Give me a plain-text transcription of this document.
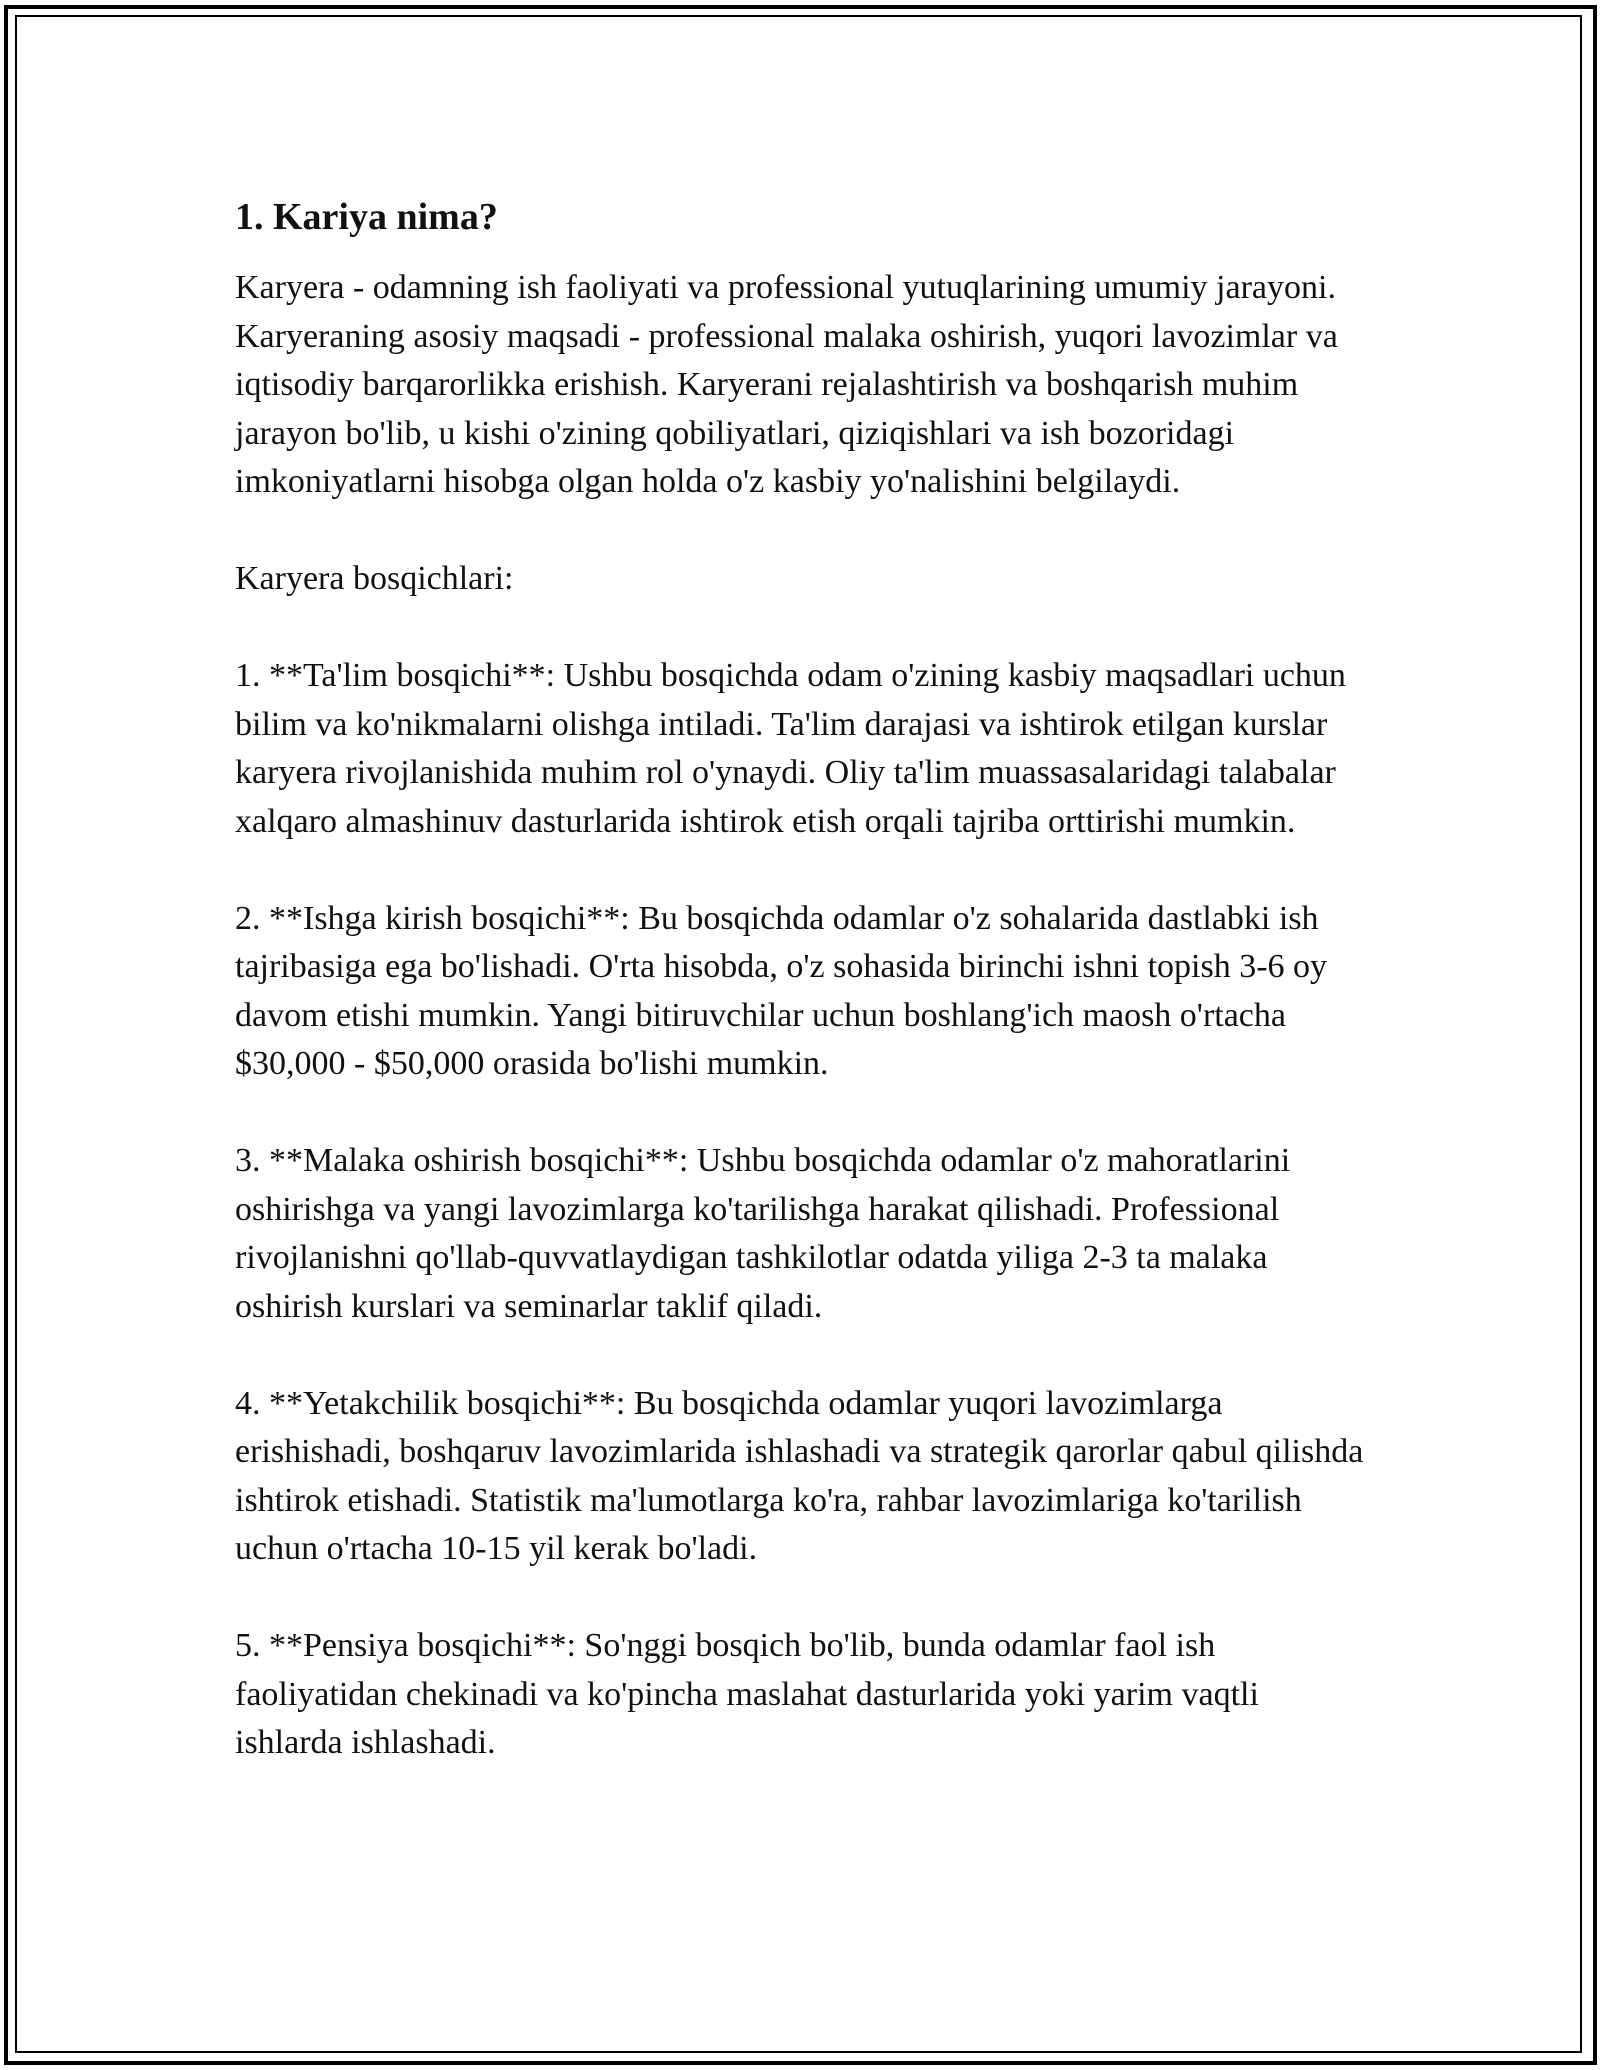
1. Kariya nima?

Karyera - odamning ish faoliyati va professional yutuqlarining umumiy jarayoni. Karyeraning asosiy maqsadi - professional malaka oshirish, yuqori lavozimlar va iqtisodiy barqarorlikka erishish. Karyerani rejalashtirish va boshqarish muhim jarayon bo'lib, u kishi o'zining qobiliyatlari, qiziqishlari va ish bozoridagi imkoniyatlarni hisobga olgan holda o'z kasbiy yo'nalishini belgilaydi.

Karyera bosqichlari:

1. **Ta'lim bosqichi**: Ushbu bosqichda odam o'zining kasbiy maqsadlari uchun bilim va ko'nikmalarni olishga intiladi. Ta'lim darajasi va ishtirok etilgan kurslar karyera rivojlanishida muhim rol o'ynaydi. Oliy ta'lim muassasalaridagi talabalar xalqaro almashinuv dasturlarida ishtirok etish orqali tajriba orttirishi mumkin.

2. **Ishga kirish bosqichi**: Bu bosqichda odamlar o'z sohalarida dastlabki ish tajribasiga ega bo'lishadi. O'rta hisobda, o'z sohasida birinchi ishni topish 3-6 oy davom etishi mumkin. Yangi bitiruvchilar uchun boshlang'ich maosh o'rtacha $30,000 - $50,000 orasida bo'lishi mumkin.

3. **Malaka oshirish bosqichi**: Ushbu bosqichda odamlar o'z mahoratlarini oshirishga va yangi lavozimlarga ko'tarilishga harakat qilishadi. Professional rivojlanishni qo'llab-quvvatlaydigan tashkilotlar odatda yiliga 2-3 ta malaka oshirish kurslari va seminarlar taklif qiladi.

4. **Yetakchilik bosqichi**: Bu bosqichda odamlar yuqori lavozimlarga erishishadi, boshqaruv lavozimlarida ishlashadi va strategik qarorlar qabul qilishda ishtirok etishadi. Statistik ma'lumotlarga ko'ra, rahbar lavozimlariga ko'tarilish uchun o'rtacha 10-15 yil kerak bo'ladi.

5. **Pensiya bosqichi**: So'nggi bosqich bo'lib, bunda odamlar faol ish faoliyatidan chekinadi va ko'pincha maslahat dasturlarida yoki yarim vaqtli ishlarda ishlashadi.
